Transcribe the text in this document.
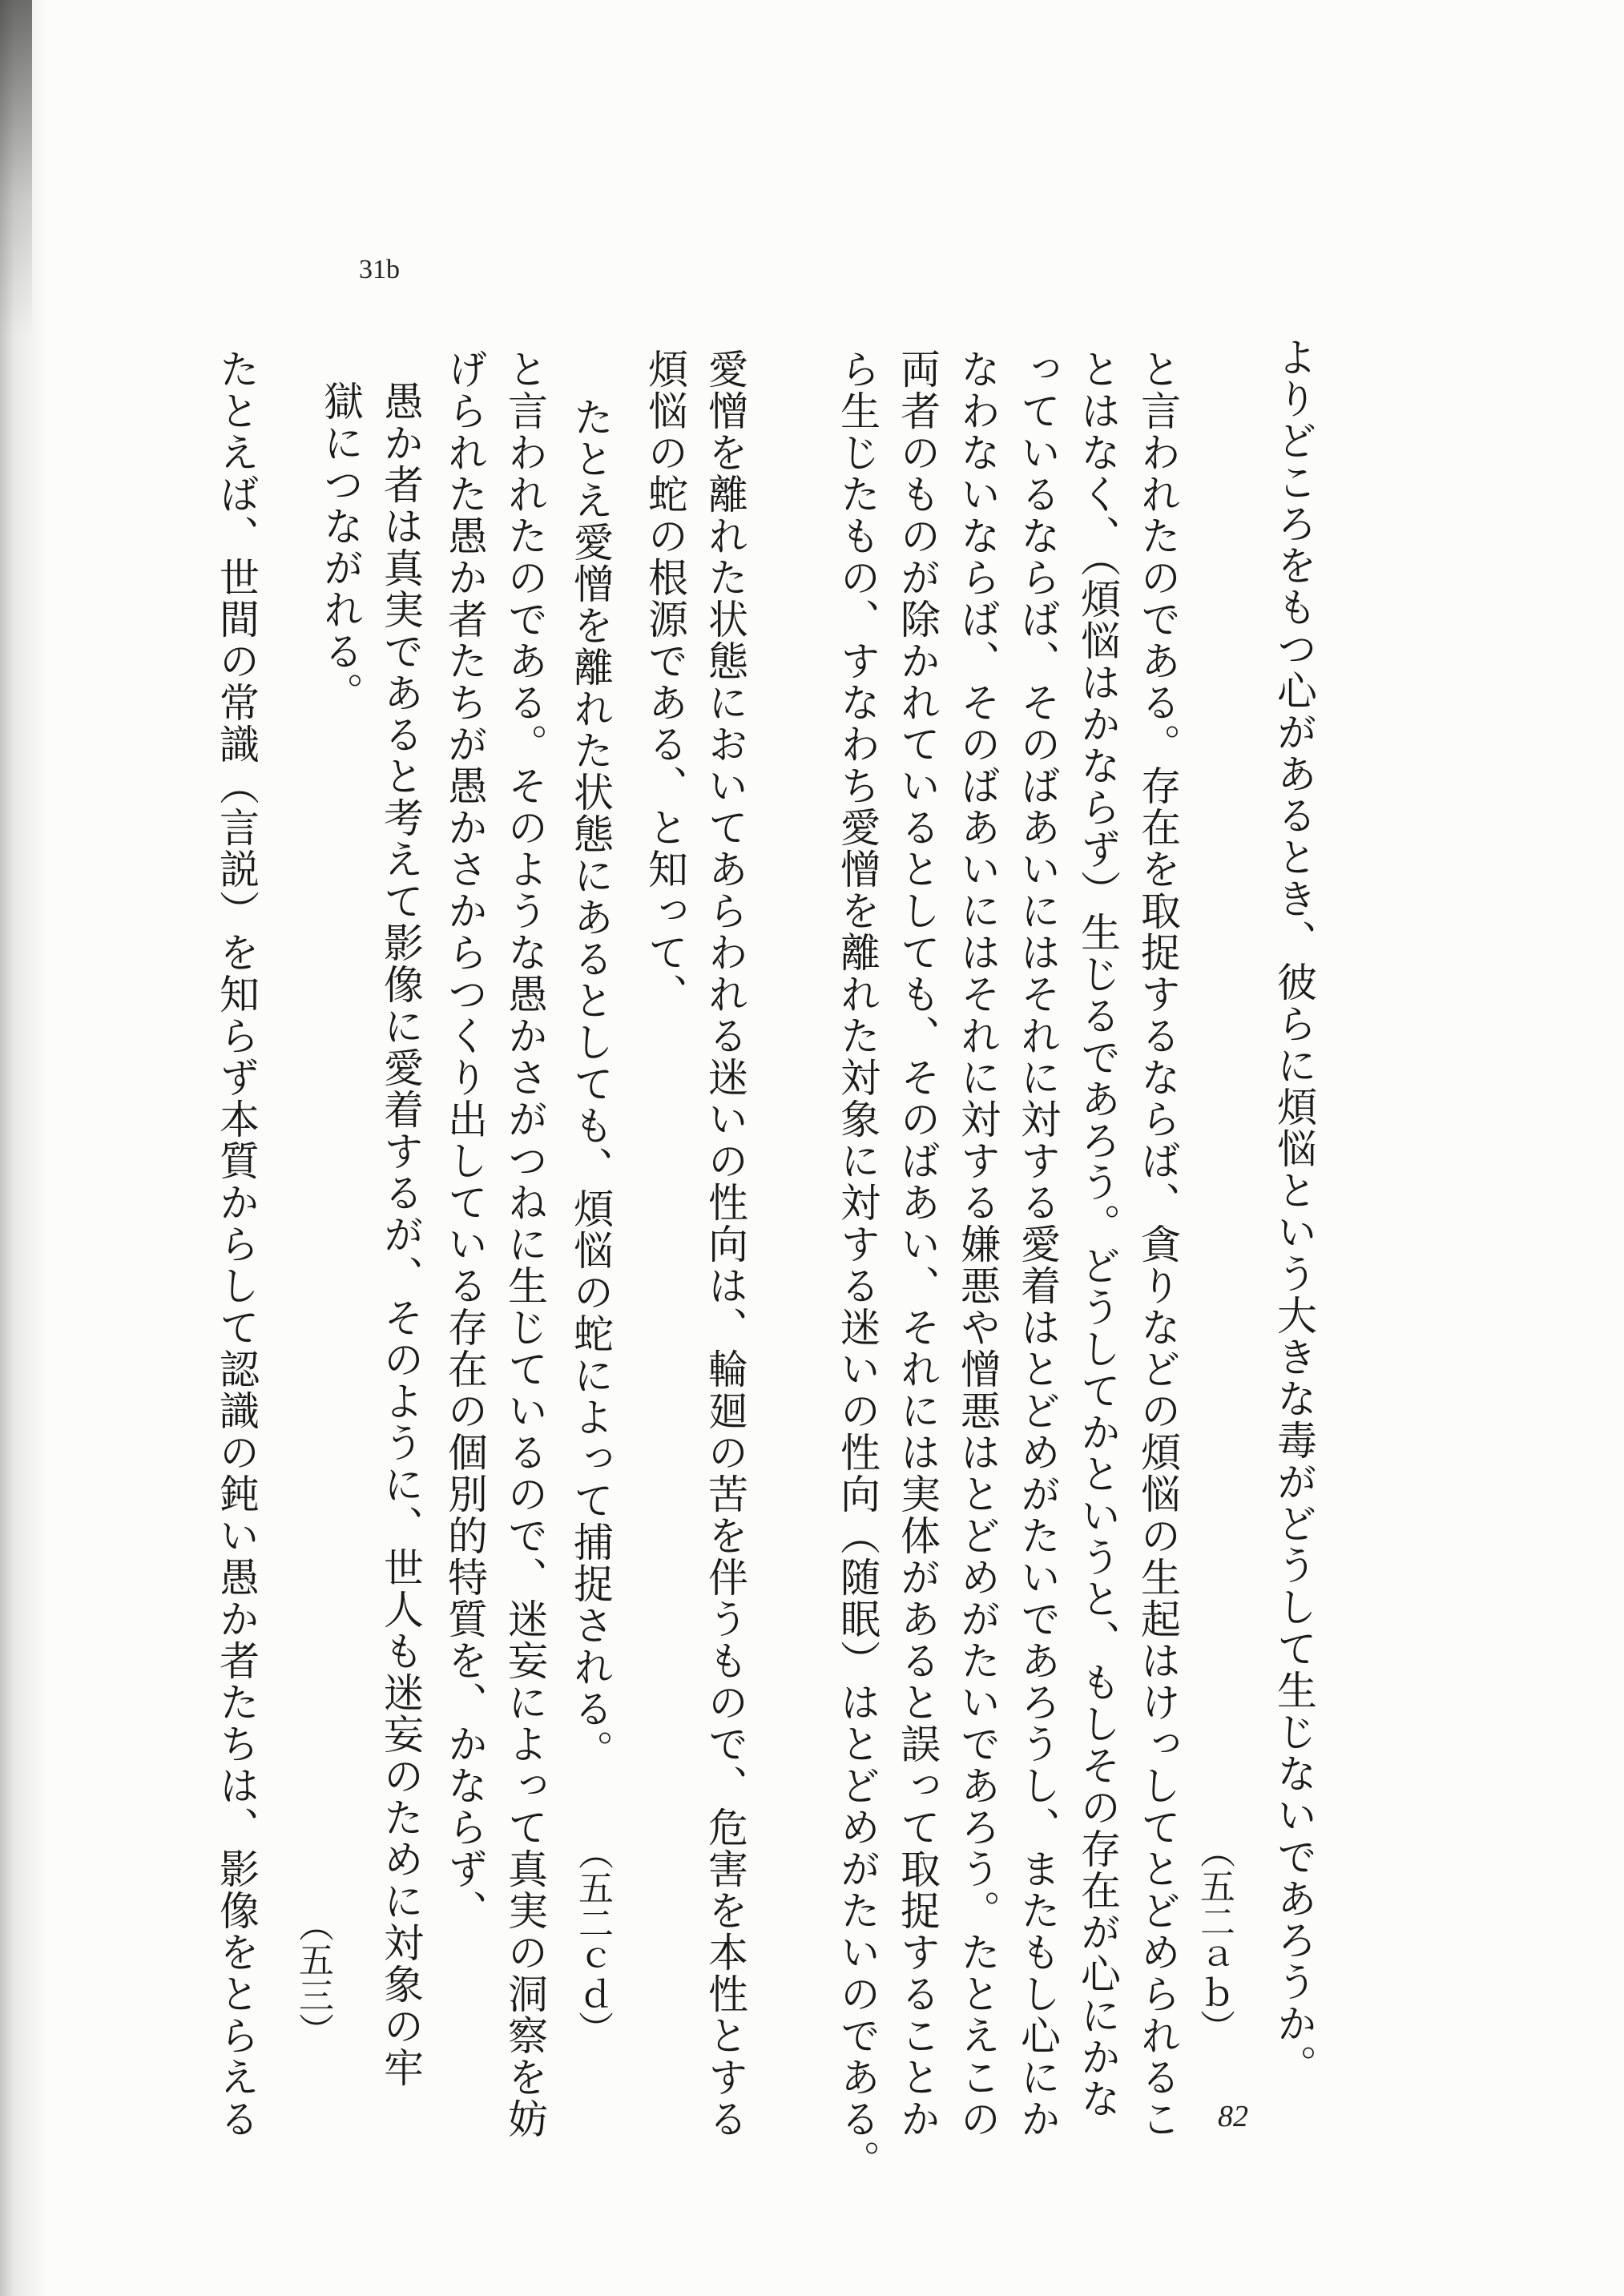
31b
よりどころをもつ心があるとき、彼らに煩悩という大きな毒がどうして生じないであろうか。
（五二ａｂ）
と言われたのである。存在を取捉するならば、貪りなどの煩悩の生起はけっしてとどめられるこ
とはなく、（煩悩はかならず）生じるであろう。どうしてかというと、もしその存在が心にかな
っているならば、そのばあいにはそれに対する愛着はとどめがたいであろうし、またもし心にか
なわないならば、そのばあいにはそれに対する嫌悪や憎悪はとどめがたいであろう。たとえこの
両者のものが除かれているとしても、そのばあい、それには実体があると誤って取捉することか
ら生じたもの、すなわち愛憎を離れた対象に対する迷いの性向（随眠）はとどめがたいのである。
愛憎を離れた状態においてあらわれる迷いの性向は、輪廻の苦を伴うもので、危害を本性とする
煩悩の蛇の根源である、と知って、
たとえ愛憎を離れた状態にあるとしても、煩悩の蛇によって捕捉される。
（五二ｃｄ）
と言われたのである。そのような愚かさがつねに生じているので、迷妄によって真実の洞察を妨
げられた愚か者たちが愚かさからつくり出している存在の個別的特質を、かならず、
愚か者は真実であると考えて影像に愛着するが、そのように、世人も迷妄のために対象の牢
獄につながれる。
（五三）
たとえば、世間の常識（言説）を知らず本質からして認識の鈍い愚か者たちは、影像をとらえる	82
